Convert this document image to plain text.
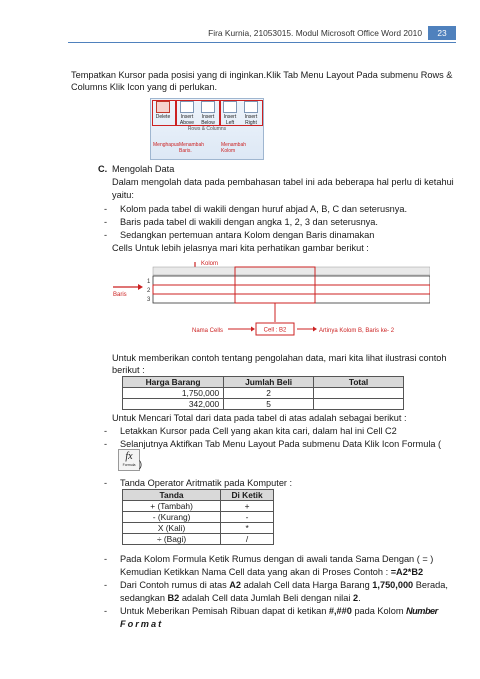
Fira Kurnia, 21053015. Modul Microsoft Office Word 2010	23
Tempatkan Kursor pada posisi yang di inginkan.Klik Tab Menu Layout Pada submenu Rows &
Columns Klik Icon yang di perlukan.
Delete	Insert Above
Insert Below
Insert Left
Insert Right
Rows & Columns
Menghapus Menambah Baris.
Menambah Kolom
C. Mengolah Data
Dalam mengolah data pada pembahasan tabel ini ada beberapa hal perlu di ketahui
yaitu:
- Kolom pada tabel di wakili dengan huruf abjad A, B, C dan seterusnya.
- Baris pada tabel di wakili dengan angka 1, 2, 3 dan seterusnya.
- Sedangkan pertemuan antara Kolom dengan Baris dinamakan
Cells Untuk lebih jelasnya mari kita perhatikan gambar berikut :
Kolom
1
2
3
Baris
Cell : B2
Nama Cells	Artinya Kolom B, Baris ke- 2
Untuk memberikan contoh tentang pengolahan data, mari kita lihat ilustrasi contoh
berikut :
Harga Barang	Jumlah Beli	Total
1,750,000	2	
342,000	5	
Untuk Mencari Total dari data pada tabel di atas adalah sebagai berikut :
- Letakkan Kursor pada Cell yang akan kita cari, dalam hal ini Cell C2
- Selanjutnya Aktifkan Tab Menu Layout Pada submenu Data Klik Icon Formula (
fx
Formula )
- Tanda Operator Aritmatik pada Komputer :
Tanda	Di Ketik
+ (Tambah)	+
- (Kurang)	-
X (Kali)	*
÷ (Bagi)	/
- Pada Kolom Formula Ketik Rumus dengan di awali tanda Sama Dengan ( = )
Kemudian Ketikkan Nama Cell data yang akan di Proses Contoh : =A2*B2
- Dari Contoh rumus di atas A2 adalah Cell data Harga Barang 1,750,000 Berada,
sedangkan B2 adalah Cell data Jumlah Beli dengan nilai 2.
- Untuk Meberikan Pemisah Ribuan dapat di ketikan #,##0 pada Kolom Number
Format
